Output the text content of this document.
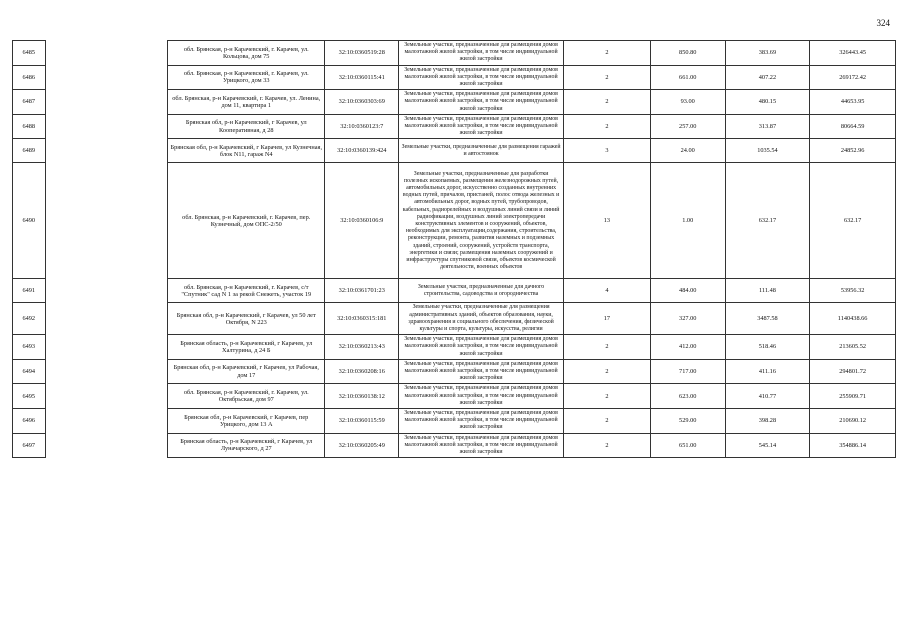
324
6485		обл. Брянская, р-н Карачевский, г. Карачев, ул. Кольцова, дом 75	32:10:0360519:28	Земельные участки, предназначенные для размещения домов малоэтажной жилой застройки, в том числе индивидуальной жилой застройки	2	850.80	383.69	326443.45
6486		обл. Брянская, р-н Карачевский, г. Карачев, ул. Урицкого, дом 33	32:10:0360115:41	Земельные участки, предназначенные для размещения домов малоэтажной жилой застройки, в том числе индивидуальной жилой застройки	2	661.00	407.22	269172.42
6487		обл. Брянская, р-н Карачевский, г. Карачев, ул. Ленина, дом 11, квартира 1	32:10:0360303:69	Земельные участки, предназначенные для размещения домов малоэтажной жилой застройки, в том числе индивидуальной жилой застройки	2	93.00	480.15	44653.95
6488		Брянская обл, р-н Карачевский, г Карачев, ул Кооперативная, д 28	32:10:0360123:7	Земельные участки, предназначенные для размещения домов малоэтажной жилой застройки, в том числе индивидуальной жилой застройки	2	257.00	313.87	80664.59
6489		Брянская обл, р-н Карачевский, г Карачев, ул Кузнечная, блок N11, гараж N4	32:10:0360139:424	Земельные участки, предназначенные для размещения гаражей и автостоянок	3	24.00	1035.54	24852.96
6490		обл. Брянская, р-н Карачевский, г. Карачев, пер. Кузнечный, дом ОПС-2/50	32:10:0360106:9	Земельные участки, предназначенные для разработки полезных ископаемых, размещения железнодорожных путей, автомобильных дорог, искусственно созданных внутренних водных путей, причалов, пристаней, полос отвода железных и автомобильных дорог, водных путей, трубопроводов, кабельных, радиорелейных и воздушных линий связи и линий радиофикации, воздушных линий электропередачи конструктивных элементов и сооружений, объектов, необходимых для эксплуатации,содержания, строительства, реконструкции, ремонта, развития наземных и подземных зданий, строений, сооружений, устройств транспорта, энергетики и связи; размещения наземных сооружений и инфраструктуры спутниковой связи, объектов космической деятельности, военных объектов	13	1.00	632.17	632.17
6491		обл. Брянская, р-н Карачевский, г. Карачев, с/т "Спутник" сад N 1 за рекой Снежеть, участок 19	32:10:0361701:23	Земельные участки, предназначенные для дачного строительства, садоводства и огородничества	4	484.00	111.48	53956.32
6492		Брянская обл, р-н Карачевский, г Карачев, ул 50 лет Октября, N 223	32:10:0360315:181	Земельные участки, предназначенные для размещения административных зданий, объектов образования, науки, здравоохранения и социального обеспечения, физической культуры и спорта, культуры, искусства, религии	17	327.00	3487.58	1140438.66
6493		Брянская область, р-н Карачевский, г Карачев, ул Халтурина, д 24 Б	32:10:0360213:43	Земельные участки, предназначенные для размещения домов малоэтажной жилой застройки, в том числе индивидуальной жилой застройки	2	412.00	518.46	213605.52
6494		Брянская обл, р-н Карачевский, г Карачев, ул Рабочая, дом 17	32:10:0360208:16	Земельные участки, предназначенные для размещения домов малоэтажной жилой застройки, в том числе индивидуальной жилой застройки	2	717.00	411.16	294801.72
6495		обл. Брянская, р-н Карачевский, г. Карачев, ул. Октябрьская, дом 97	32:10:0360138:12	Земельные участки, предназначенные для размещения домов малоэтажной жилой застройки, в том числе индивидуальной жилой застройки	2	623.00	410.77	255909.71
6496		Брянская обл, р-н Карачевский, г Карачев, пер Урицкого, дом 13 А	32:10:0360115:59	Земельные участки, предназначенные для размещения домов малоэтажной жилой застройки, в том числе индивидуальной жилой застройки	2	529.00	398.28	210690.12
6497		Брянская область, р-н Карачевский, г Карачев, ул Луначарского, д 27	32:10:0360205:49	Земельные участки, предназначенные для размещения домов малоэтажной жилой застройки, в том числе индивидуальной жилой застройки	2	651.00	545.14	354886.14
